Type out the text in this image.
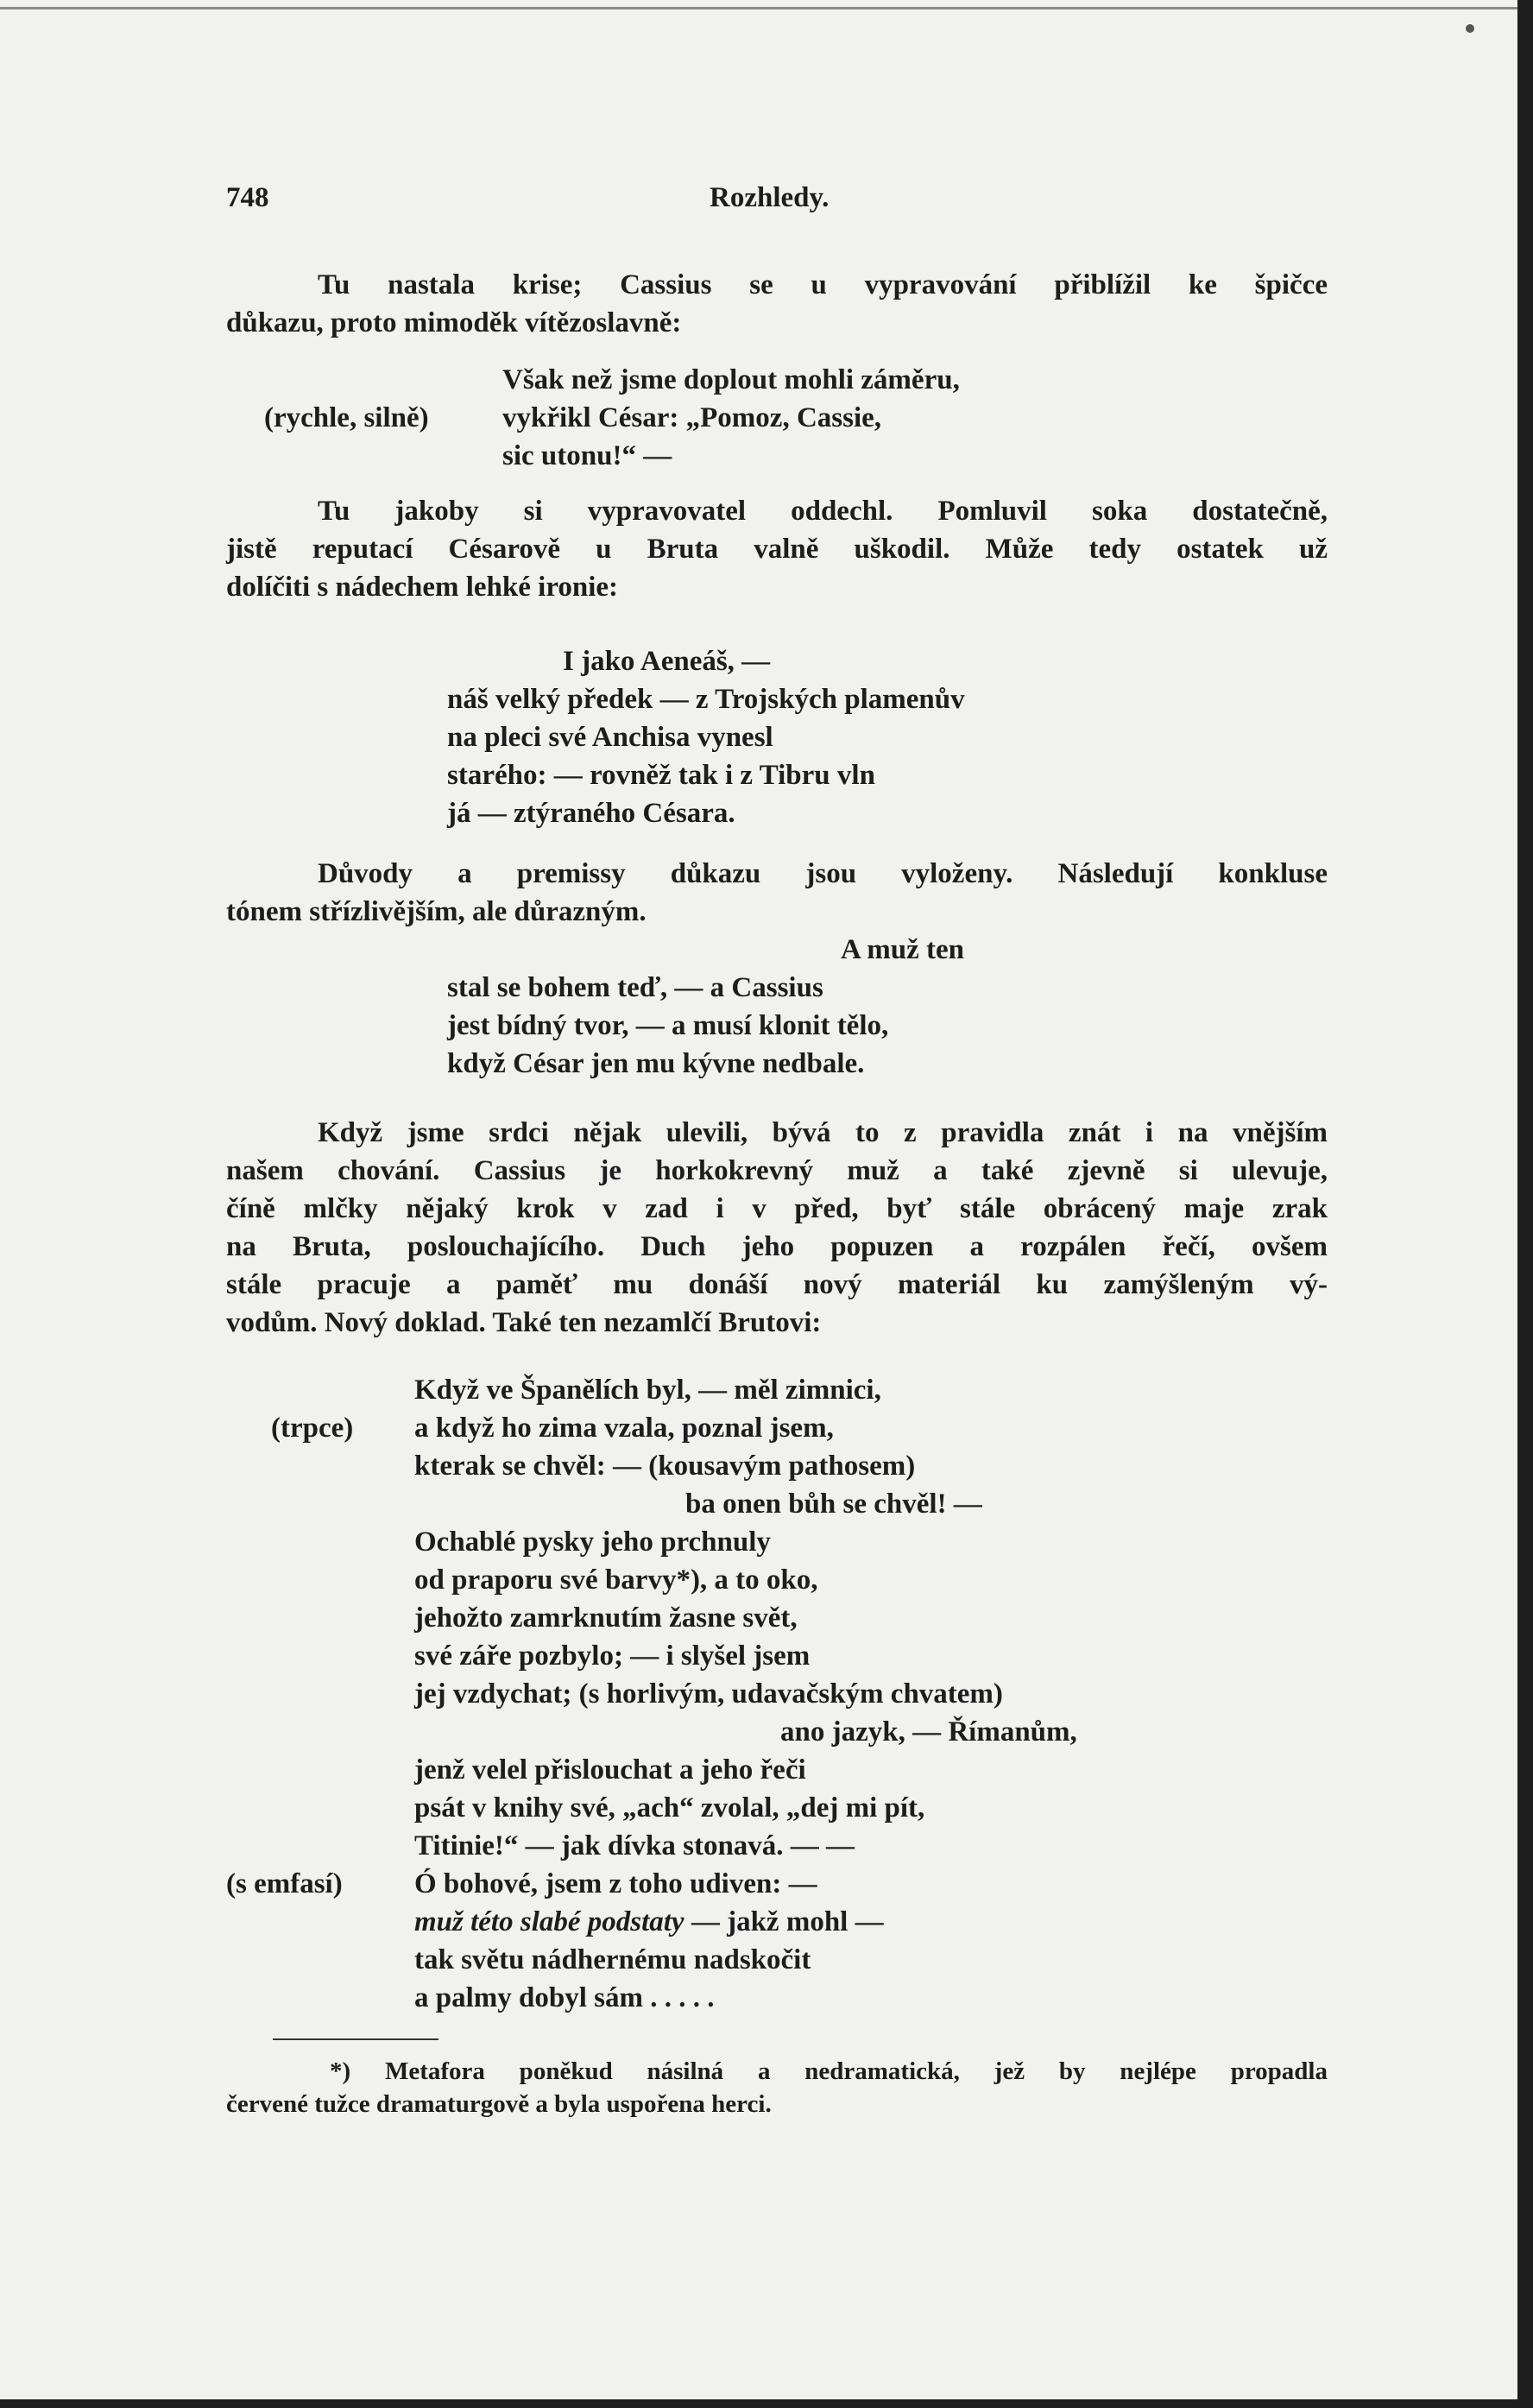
748	Rozhledy.
Tu nastala krise; Cassius se u vypravování přiblížil ke špičce
důkazu, proto mimoděk vítězoslavně:
Však než jsme doplout mohli záměru,
(rychle, silně)	vykřikl César: „Pomoz, Cassie,
sic utonu!“ —
Tu jakoby si vypravovatel oddechl. Pomluvil soka dostatečně,
jistě reputací Césarově u Bruta valně uškodil. Může tedy ostatek už
dolíčiti s nádechem lehké ironie:
I jako Aeneáš, —
náš velký předek — z Trojských plamenův
na pleci své Anchisa vynesl
starého: — rovněž tak i z Tibru vln
já — ztýraného Césara.
Důvody a premissy důkazu jsou vyloženy. Následují konkluse
tónem střízlivějším, ale důrazným.
A muž ten
stal se bohem teď, — a Cassius
jest bídný tvor, — a musí klonit tělo,
když César jen mu kývne nedbale.
Když jsme srdci nějak ulevili, bývá to z pravidla znát i na vnějším
našem chování. Cassius je horkokrevný muž a také zjevně si ulevuje,
číně mlčky nějaký krok v zad i v před, byť stále obrácený maje zrak
na Bruta, poslouchajícího. Duch jeho popuzen a rozpálen řečí, ovšem
stále pracuje a paměť mu donáší nový materiál ku zamýšleným vý-
vodům. Nový doklad. Také ten nezamlčí Brutovi:
Když ve Španělích byl, — měl zimnici,
(trpce) a když ho zima vzala, poznal jsem,
kterak se chvěl: — (kousavým pathosem)
ba onen bůh se chvěl! —
Ochablé pysky jeho prchnuly
od praporu své barvy*), a to oko,
jehožto zamrknutím žasne svět,
své záře pozbylo; — i slyšel jsem
jej vzdychat; (s horlivým, udavačským chvatem)
ano jazyk, — Římanům,
jenž velel přislouchat a jeho řeči
psát v knihy své, „ach“ zvolal, „dej mi pít,
Titinie!“ — jak dívka stonavá. — —
(s emfasí)	Ó bohové, jsem z toho udiven: —
muž této slabé podstaty — jakž mohl —
tak světu nádhernému nadskočit
a palmy dobyl sám . . . . .
*) Metafora poněkud násilná a nedramatická, jež by nejlépe propadla
červené tužce dramaturgově a byla uspořena herci.
